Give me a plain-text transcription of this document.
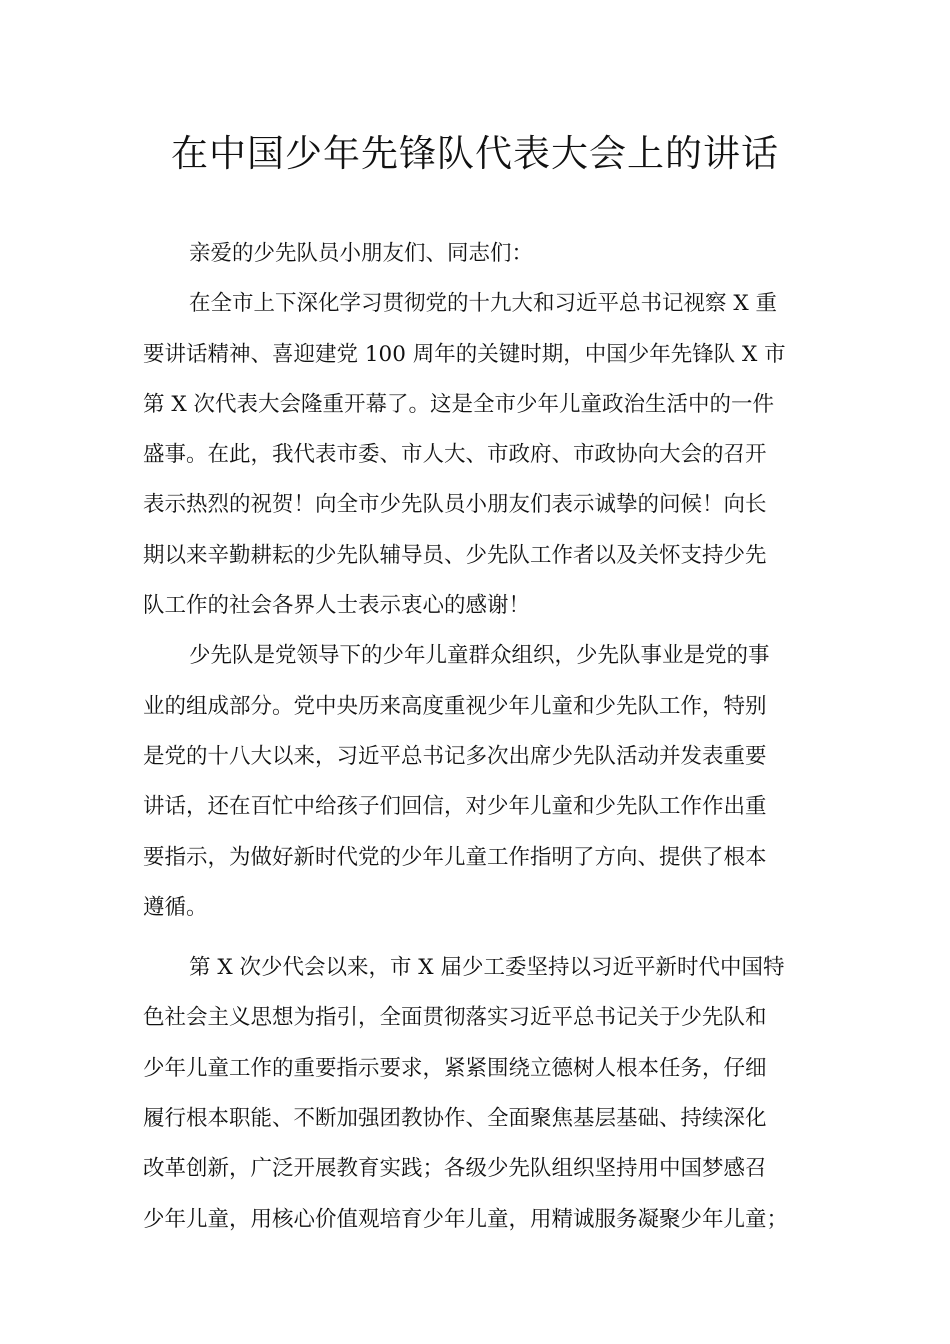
在中国少年先锋队代表大会上的讲话
亲爱的少先队员小朋友们、同志们：
在全市上下深化学习贯彻党的十九大和习近平总书记视察 X 重
要讲话精神、喜迎建党 100 周年的关键时期，中国少年先锋队 X 市
第 X 次代表大会隆重开幕了。这是全市少年儿童政治生活中的一件
盛事。在此，我代表市委、市人大、市政府、市政协向大会的召开
表示热烈的祝贺！向全市少先队员小朋友们表示诚挚的问候！向长
期以来辛勤耕耘的少先队辅导员、少先队工作者以及关怀支持少先
队工作的社会各界人士表示衷心的感谢！
少先队是党领导下的少年儿童群众组织，少先队事业是党的事
业的组成部分。党中央历来高度重视少年儿童和少先队工作，特别
是党的十八大以来，习近平总书记多次出席少先队活动并发表重要
讲话，还在百忙中给孩子们回信，对少年儿童和少先队工作作出重
要指示，为做好新时代党的少年儿童工作指明了方向、提供了根本
遵循。
第 X 次少代会以来，市 X 届少工委坚持以习近平新时代中国特
色社会主义思想为指引，全面贯彻落实习近平总书记关于少先队和
少年儿童工作的重要指示要求，紧紧围绕立德树人根本任务，仔细
履行根本职能、不断加强团教协作、全面聚焦基层基础、持续深化
改革创新，广泛开展教育实践；各级少先队组织坚持用中国梦感召
少年儿童，用核心价值观培育少年儿童，用精诚服务凝聚少年儿童；
